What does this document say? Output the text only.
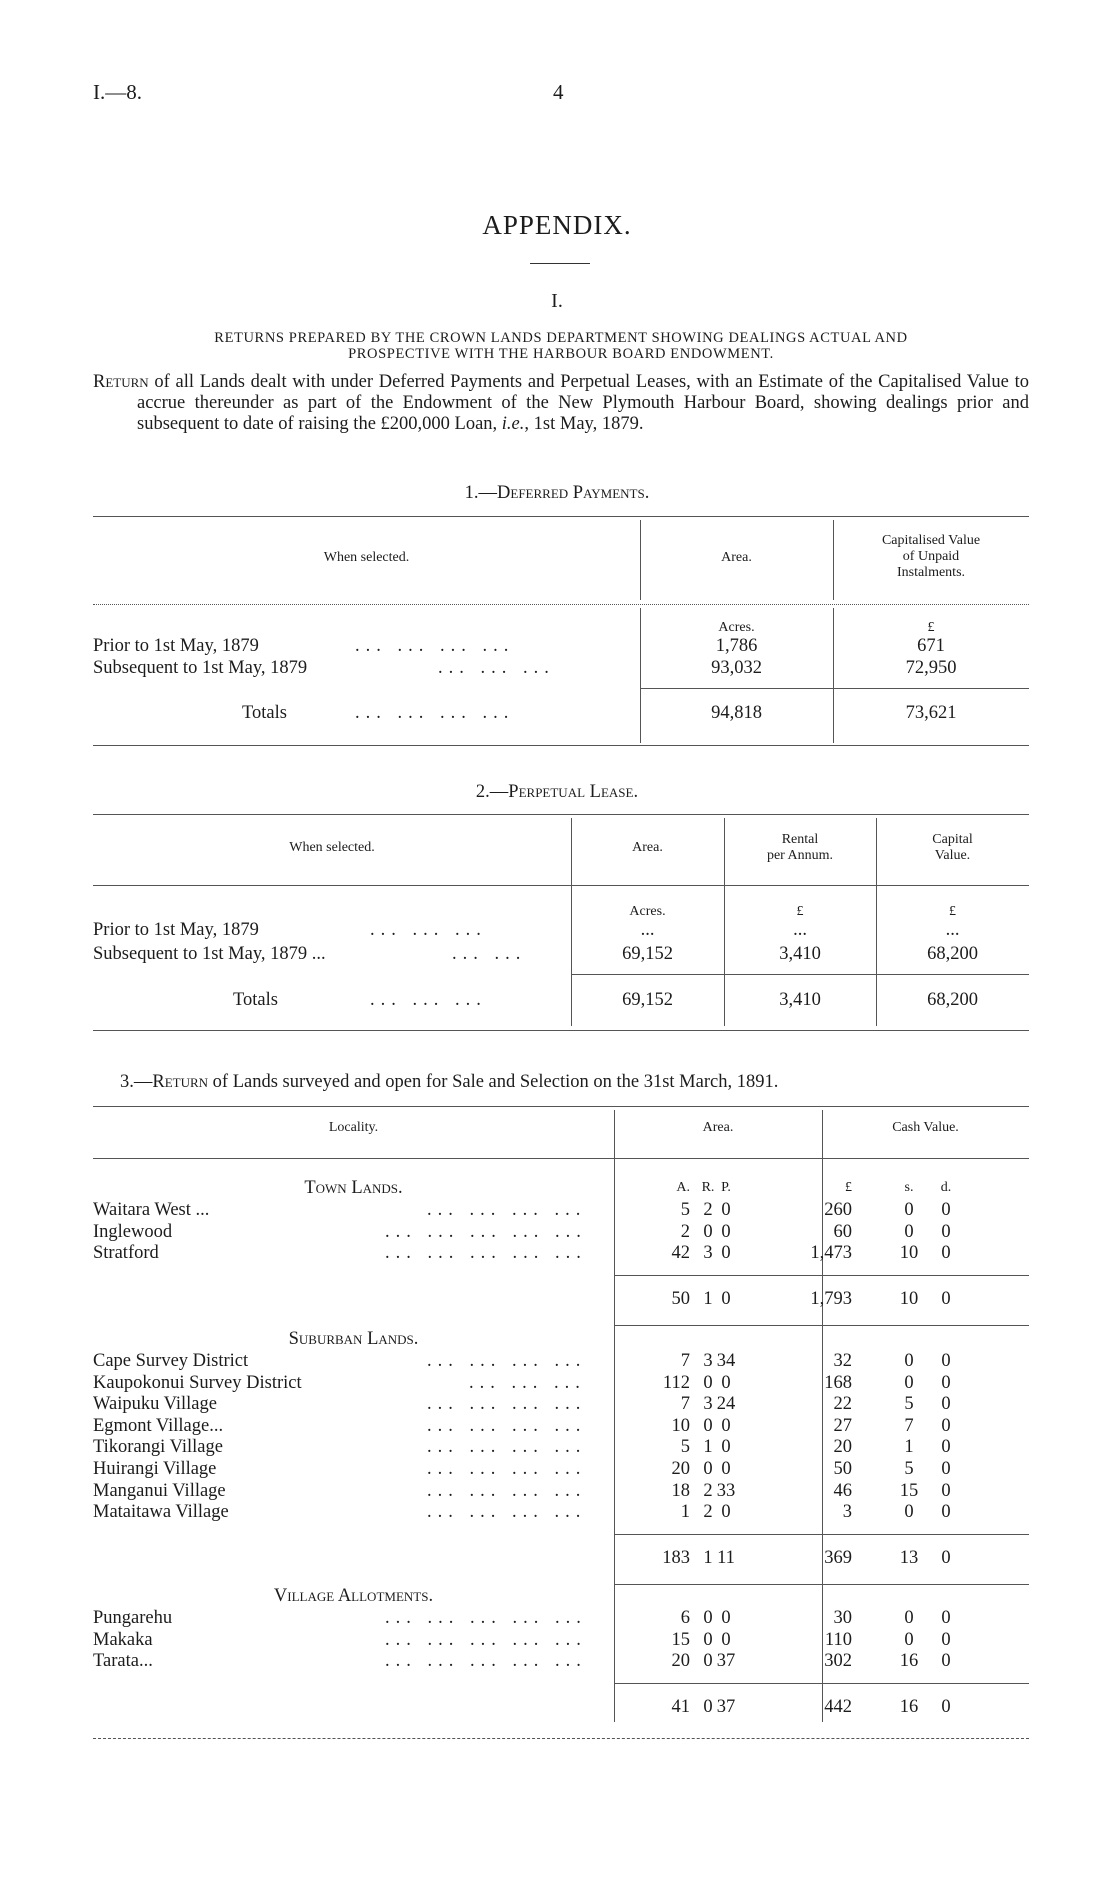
I.—8.	4
APPENDIX.
I.
RETURNS PREPARED BY THE CROWN LANDS DEPARTMENT SHOWING DEALINGS ACTUAL AND
PROSPECTIVE WITH THE HARBOUR BOARD ENDOWMENT.
Return of all Lands dealt with under Deferred Payments and Perpetual Leases, with an Estimate of the Capitalised Value to accrue thereunder as part of the Endowment of the New Plymouth Harbour Board, showing dealings prior and subsequent to date of raising the £200,000 Loan, i.e., 1st May, 1879.
1.—Deferred Payments.
When selected.	Area.
Capitalised Value
of Unpaid
Instalments.
Acres.	£
Prior to 1st May, 1879	... ... ... ...	1,786	671
Subsequent to 1st May, 1879	... ... ...	93,032	72,950
Totals	... ... ... ...	94,818	73,621
2.—Perpetual Lease.
When selected.	Area.
Rental
per Annum.
Capital
Value.
Acres.	£	£
Prior to 1st May, 1879	... ... ...	...	...	...
Subsequent to 1st May, 1879 ...	... ...	69,152	3,410	68,200
Totals	... ... ...	69,152	3,410	68,200
3.—Return of Lands surveyed and open for Sale and Selection on the 31st March, 1891.
Locality.	Area.	Cash Value.
Town Lands.	A. R. P.	£	s.	d.
Waitara West ...	... ... ... ...	5 2 0	260	0	0
Inglewood	... ... ... ... ...	2 0 0	60	0	0
Stratford	... ... ... ... ...	42 3 0	1,473	10	0
50 1 0	1,793	10	0
Suburban Lands.
Cape Survey District	... ... ... ...	7 3 34	32	0	0
Kaupokonui Survey District	... ... ...	112 0 0	168	0	0
Waipuku Village	... ... ... ...	7 3 24	22	5	0
Egmont Village...	... ... ... ...	10 0 0	27	7	0
Tikorangi Village	... ... ... ...	5 1 0	20	1	0
Huirangi Village	... ... ... ...	20 0 0	50	5	0
Manganui Village	... ... ... ...	18 2 33	46	15	0
Mataitawa Village	... ... ... ...	1 2 0	3	0	0
183 1 11	369	13	0
Village Allotments.
Pungarehu	... ... ... ... ...	6 0 0	30	0	0
Makaka	... ... ... ... ...	15 0 0	110	0	0
Tarata...	... ... ... ... ...	20 0 37	302	16	0
41 0 37	442	16	0
